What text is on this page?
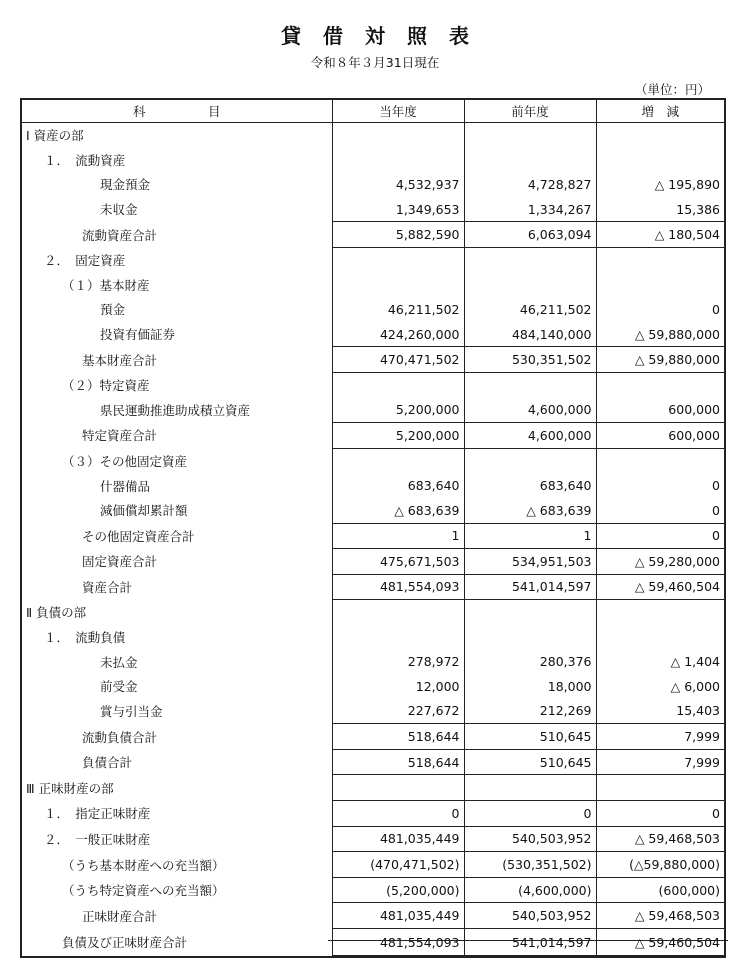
貸借対照表
令和８年３月31日現在
（単位：円）
科　　　　　目	当年度	前年度	増　減
Ⅰ 資産の部			
１．　流動資産			
現金預金	4,532,937	4,728,827	△ 195,890
未収金	1,349,653	1,334,267	15,386
流動資産合計	5,882,590	6,063,094	△ 180,504
２．　固定資産			
（１）基本財産			
預金	46,211,502	46,211,502	0
投資有価証券	424,260,000	484,140,000	△ 59,880,000
基本財産合計	470,471,502	530,351,502	△ 59,880,000
（２）特定資産			
県民運動推進助成積立資産	5,200,000	4,600,000	600,000
特定資産合計	5,200,000	4,600,000	600,000
（３）その他固定資産			
什器備品	683,640	683,640	0
減価償却累計額	△ 683,639	△ 683,639	0
その他固定資産合計	1	1	0
固定資産合計	475,671,503	534,951,503	△ 59,280,000
資産合計	481,554,093	541,014,597	△ 59,460,504
Ⅱ 負債の部			
１．　流動負債			
未払金	278,972	280,376	△ 1,404
前受金	12,000	18,000	△ 6,000
賞与引当金	227,672	212,269	15,403
流動負債合計	518,644	510,645	7,999
負債合計	518,644	510,645	7,999
Ⅲ 正味財産の部			
１．　指定正味財産	0	0	0
２．　一般正味財産	481,035,449	540,503,952	△ 59,468,503
（うち基本財産への充当額）	(470,471,502)	(530,351,502)	(△59,880,000)
（うち特定資産への充当額）	(5,200,000)	(4,600,000)	(600,000)
正味財産合計	481,035,449	540,503,952	△ 59,468,503
負債及び正味財産合計	481,554,093	541,014,597	△ 59,460,504
